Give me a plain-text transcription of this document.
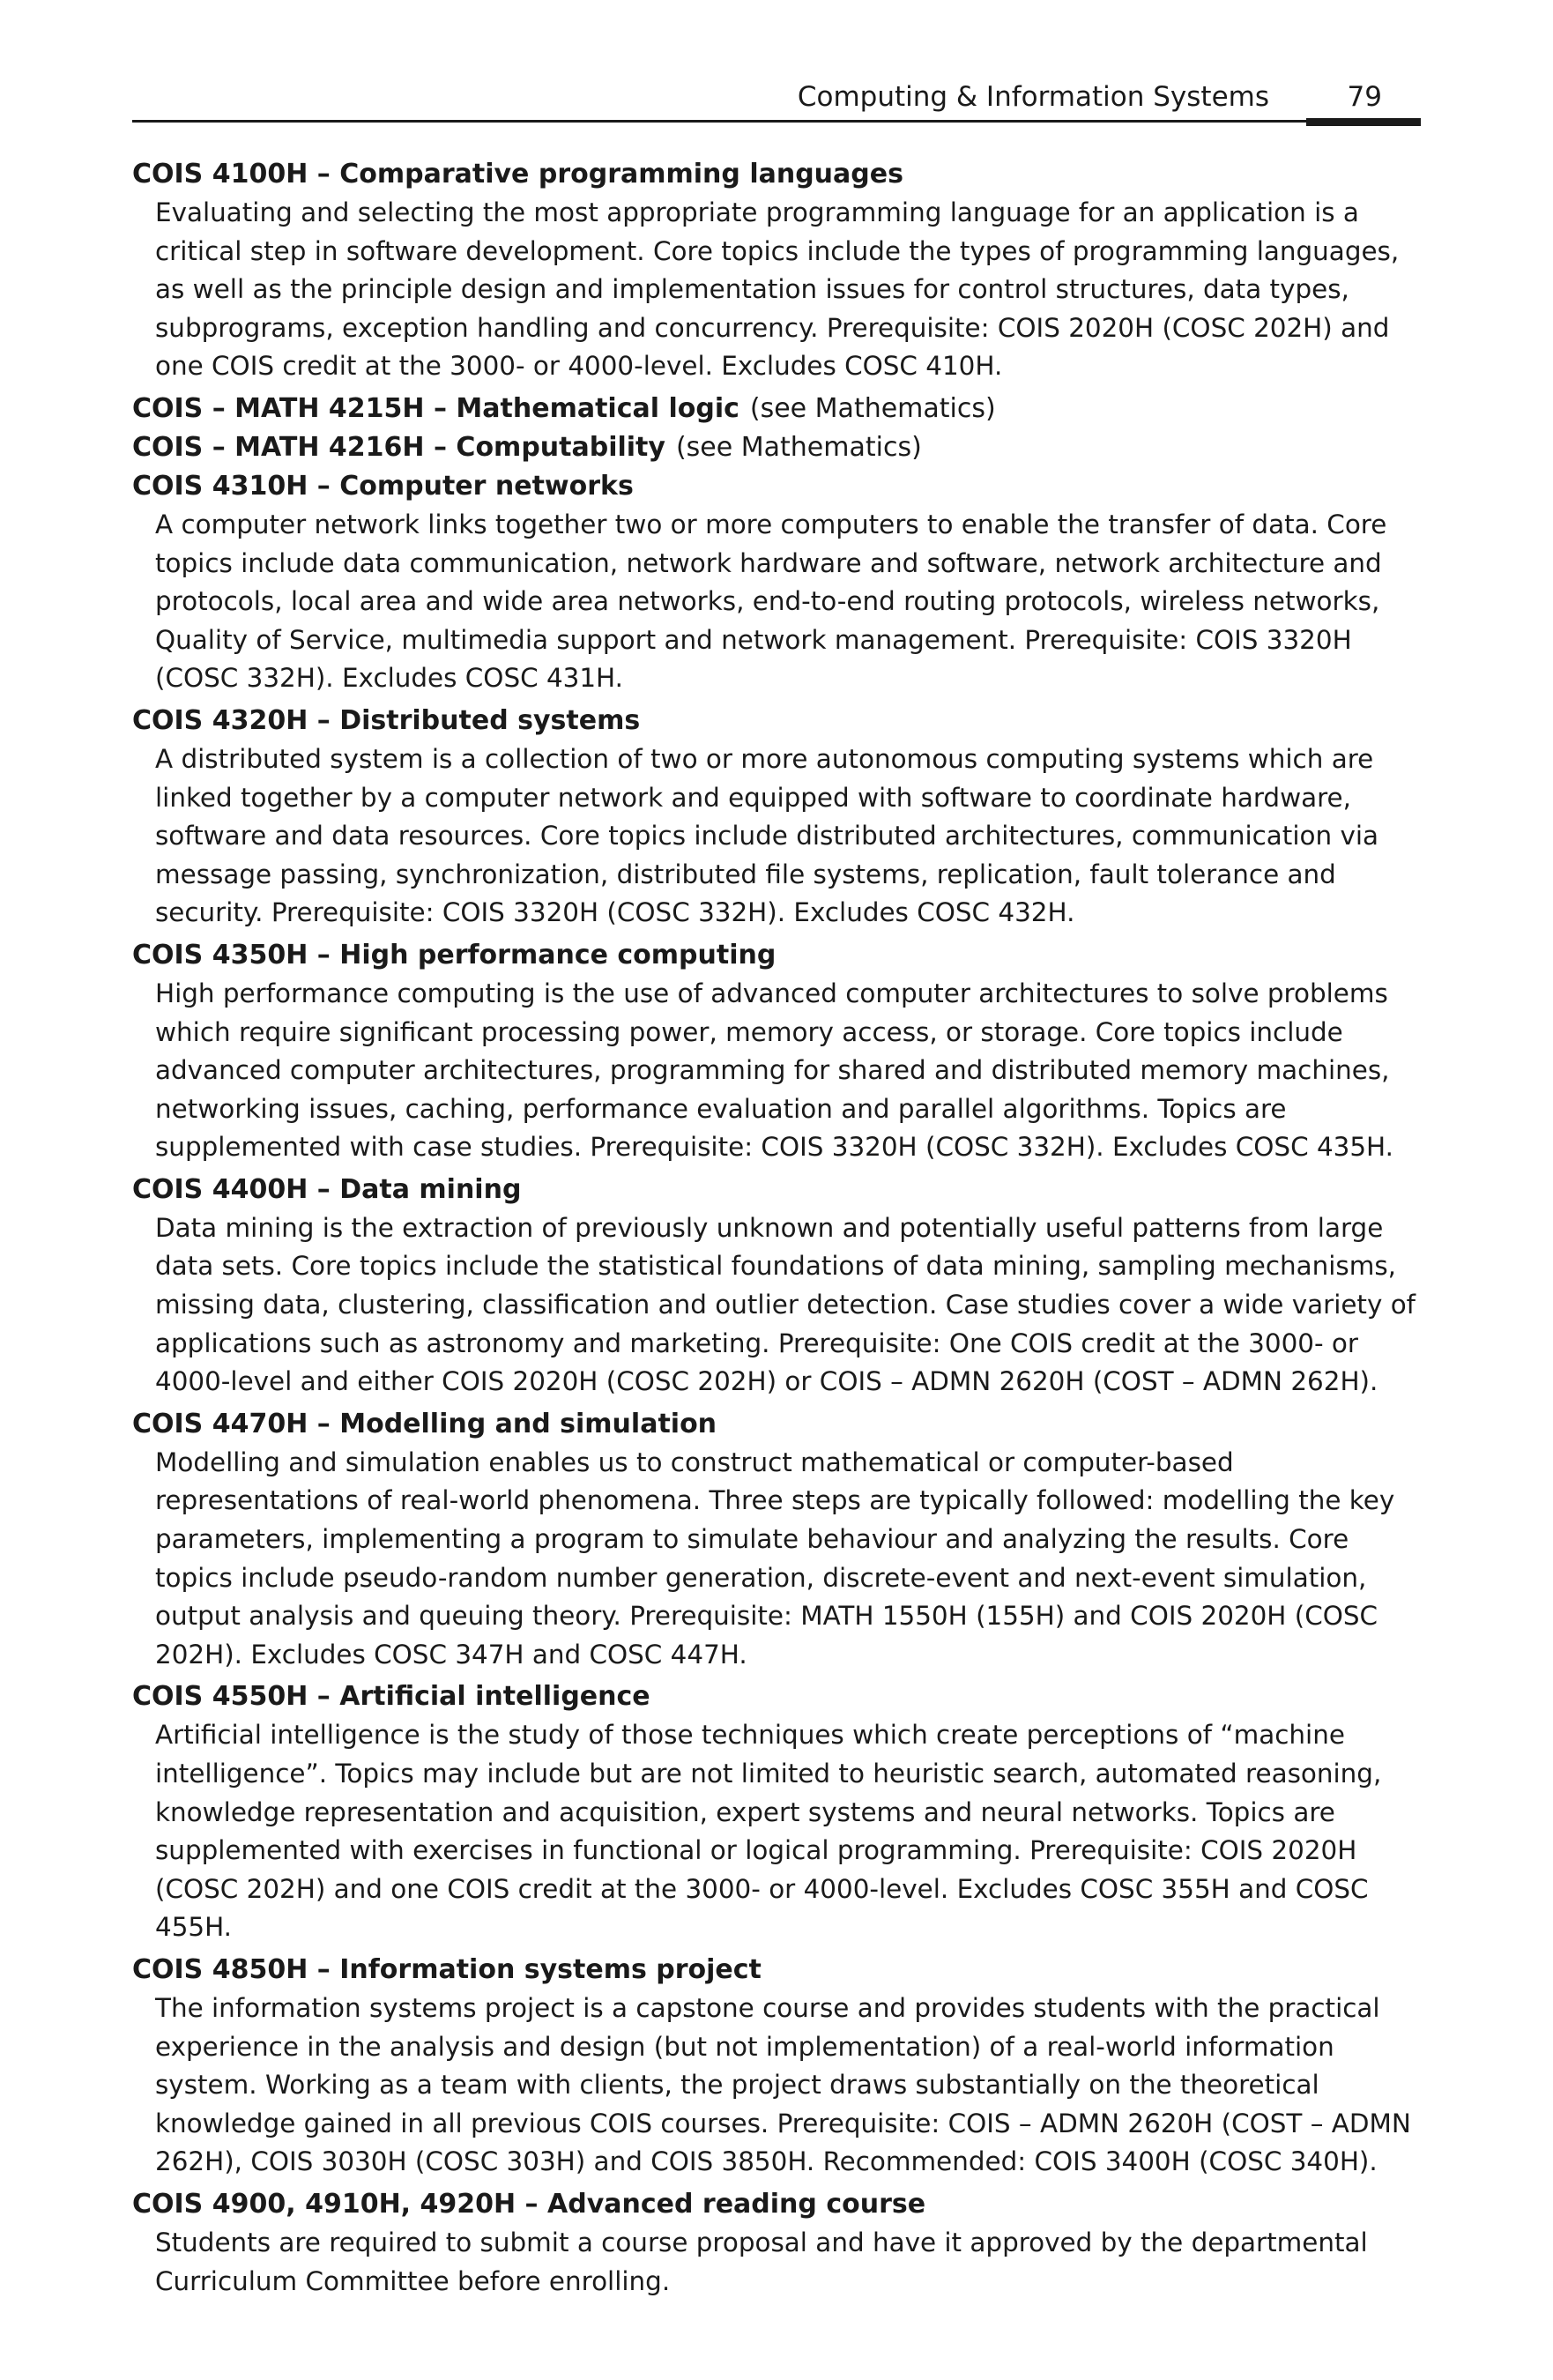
Computing & Information Systems	79

COIS 4100H – Comparative programming languages

Evaluating and selecting the most appropriate programming language for an application is a critical step in software development. Core topics include the types of programming languages, as well as the principle design and implementation issues for control structures, data types, subprograms, exception handling and concurrency. Prerequisite: COIS 2020H (COSC 202H) and one COIS credit at the 3000- or 4000-level. Excludes COSC 410H.

COIS – MATH 4215H – Mathematical logic (see Mathematics)

COIS – MATH 4216H – Computability (see Mathematics)

COIS 4310H – Computer networks

A computer network links together two or more computers to enable the transfer of data. Core topics include data communication, network hardware and software, network architecture and protocols, local area and wide area networks, end-to-end routing protocols, wireless networks, Quality of Service, multimedia support and network management. Prerequisite: COIS 3320H (COSC 332H). Excludes COSC 431H.

COIS 4320H – Distributed systems

A distributed system is a collection of two or more autonomous computing systems which are linked together by a computer network and equipped with software to coordinate hardware, software and data resources. Core topics include distributed architectures, communication via message passing, synchronization, distributed file systems, replication, fault tolerance and security. Prerequisite: COIS 3320H (COSC 332H). Excludes COSC 432H.

COIS 4350H – High performance computing

High performance computing is the use of advanced computer architectures to solve problems which require significant processing power, memory access, or storage. Core topics include advanced computer architectures, programming for shared and distributed memory machines, networking issues, caching, performance evaluation and parallel algorithms. Topics are supplemented with case studies. Prerequisite: COIS 3320H (COSC 332H). Excludes COSC 435H.

COIS 4400H – Data mining

Data mining is the extraction of previously unknown and potentially useful patterns from large data sets. Core topics include the statistical foundations of data mining, sampling mechanisms, missing data, clustering, classification and outlier detection. Case studies cover a wide variety of applications such as astronomy and marketing. Prerequisite: One COIS credit at the 3000- or 4000-level and either COIS 2020H (COSC 202H) or COIS – ADMN 2620H (COST – ADMN 262H).

COIS 4470H – Modelling and simulation

Modelling and simulation enables us to construct mathematical or computer-based representations of real-world phenomena. Three steps are typically followed: modelling the key parameters, implementing a program to simulate behaviour and analyzing the results. Core topics include pseudo-random number generation, discrete-event and next-event simulation, output analysis and queuing theory. Prerequisite: MATH 1550H (155H) and COIS 2020H (COSC 202H). Excludes COSC 347H and COSC 447H.

COIS 4550H – Artificial intelligence

Artificial intelligence is the study of those techniques which create perceptions of “machine intelligence”. Topics may include but are not limited to heuristic search, automated reasoning, knowledge representation and acquisition, expert systems and neural networks. Topics are supplemented with exercises in functional or logical programming. Prerequisite: COIS 2020H (COSC 202H) and one COIS credit at the 3000- or 4000-level. Excludes COSC 355H and COSC 455H.

COIS 4850H – Information systems project

The information systems project is a capstone course and provides students with the practical experience in the analysis and design (but not implementation) of a real-world information system. Working as a team with clients, the project draws substantially on the theoretical knowledge gained in all previous COIS courses. Prerequisite: COIS – ADMN 2620H (COST – ADMN 262H), COIS 3030H (COSC 303H) and COIS 3850H. Recommended: COIS 3400H (COSC 340H).

COIS 4900, 4910H, 4920H – Advanced reading course

Students are required to submit a course proposal and have it approved by the departmental Curriculum Committee before enrolling.
